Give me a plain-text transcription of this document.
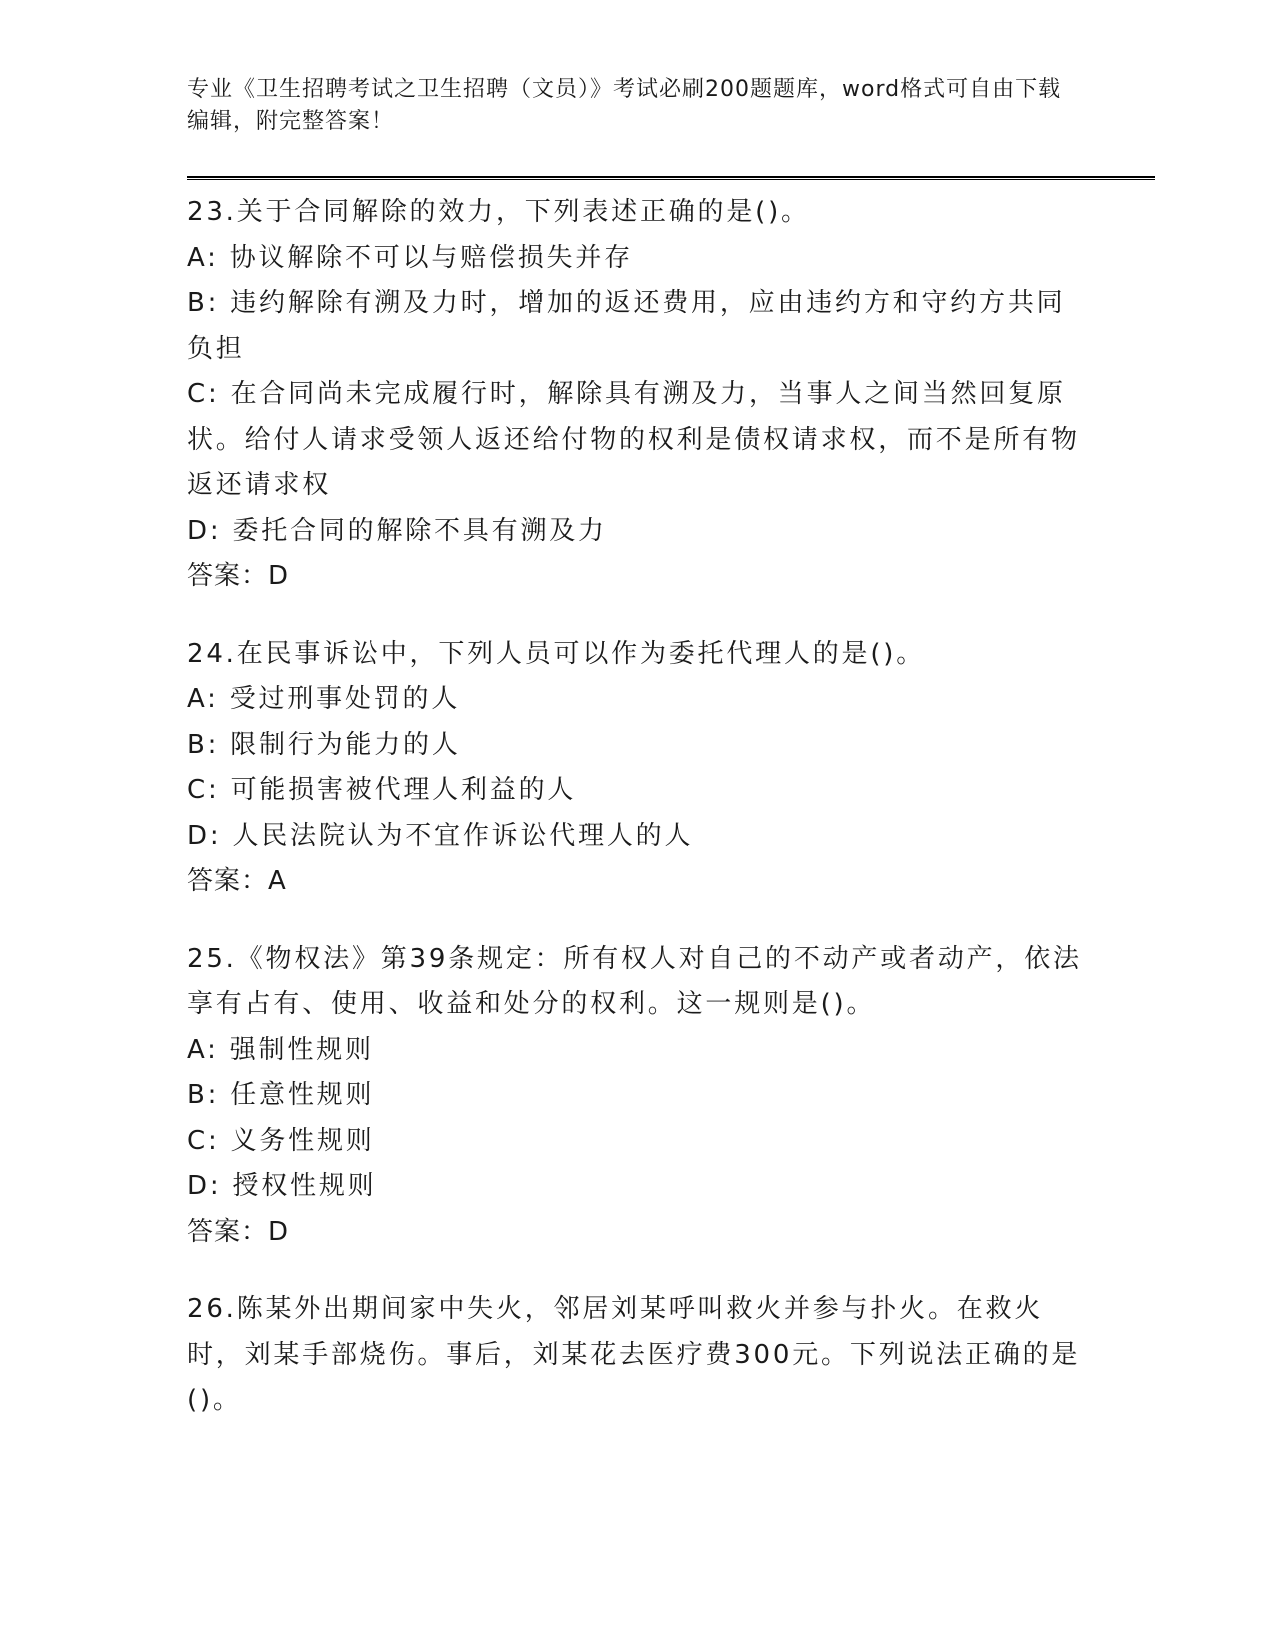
专业《卫生招聘考试之卫生招聘（文员）》考试必刷200题题库，word格式可自由下载编辑，附完整答案！
23.关于合同解除的效力，下列表述正确的是()。
A: 协议解除不可以与赔偿损失并存
B: 违约解除有溯及力时，增加的返还费用，应由违约方和守约方共同负担
C: 在合同尚未完成履行时，解除具有溯及力，当事人之间当然回复原状。给付人请求受领人返还给付物的权利是债权请求权，而不是所有物返还请求权
D: 委托合同的解除不具有溯及力
答案：D
24.在民事诉讼中，下列人员可以作为委托代理人的是()。
A: 受过刑事处罚的人
B: 限制行为能力的人
C: 可能损害被代理人利益的人
D: 人民法院认为不宜作诉讼代理人的人
答案：A
25.《物权法》第39条规定：所有权人对自己的不动产或者动产，依法享有占有、使用、收益和处分的权利。这一规则是()。
A: 强制性规则
B: 任意性规则
C: 义务性规则
D: 授权性规则
答案：D
26.陈某外出期间家中失火，邻居刘某呼叫救火并参与扑火。在救火时，刘某手部烧伤。事后，刘某花去医疗费300元。下列说法正确的是()。
